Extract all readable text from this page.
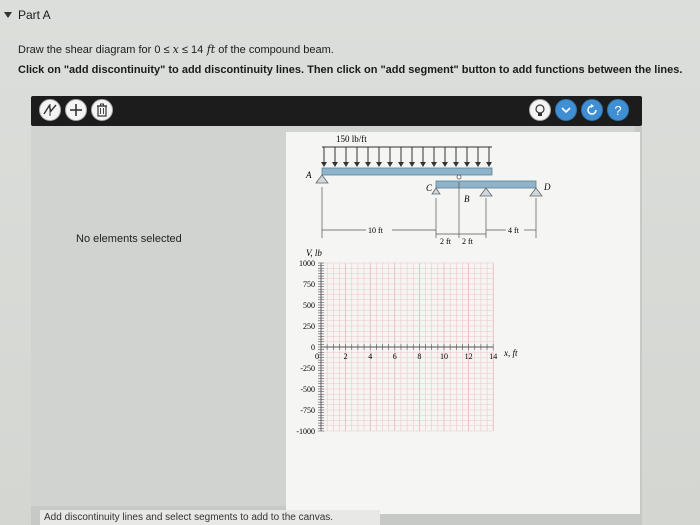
Part A
Draw the shear diagram for 0 ≤ x ≤ 14 ft of the compound beam.
Click on "add discontinuity" to add discontinuity lines. Then click on "add segment" button to add functions between the lines.
?
150 lb/ft
A
C
B
D
10 ft
2 ft 2 ft
4 ft
V, lb
x, ft
1000
750
500
250
0
-250
-500
-750
-1000
0	2	4	6	8 10 12 14
No elements selected
Add discontinuity lines and select segments to add to the canvas.
